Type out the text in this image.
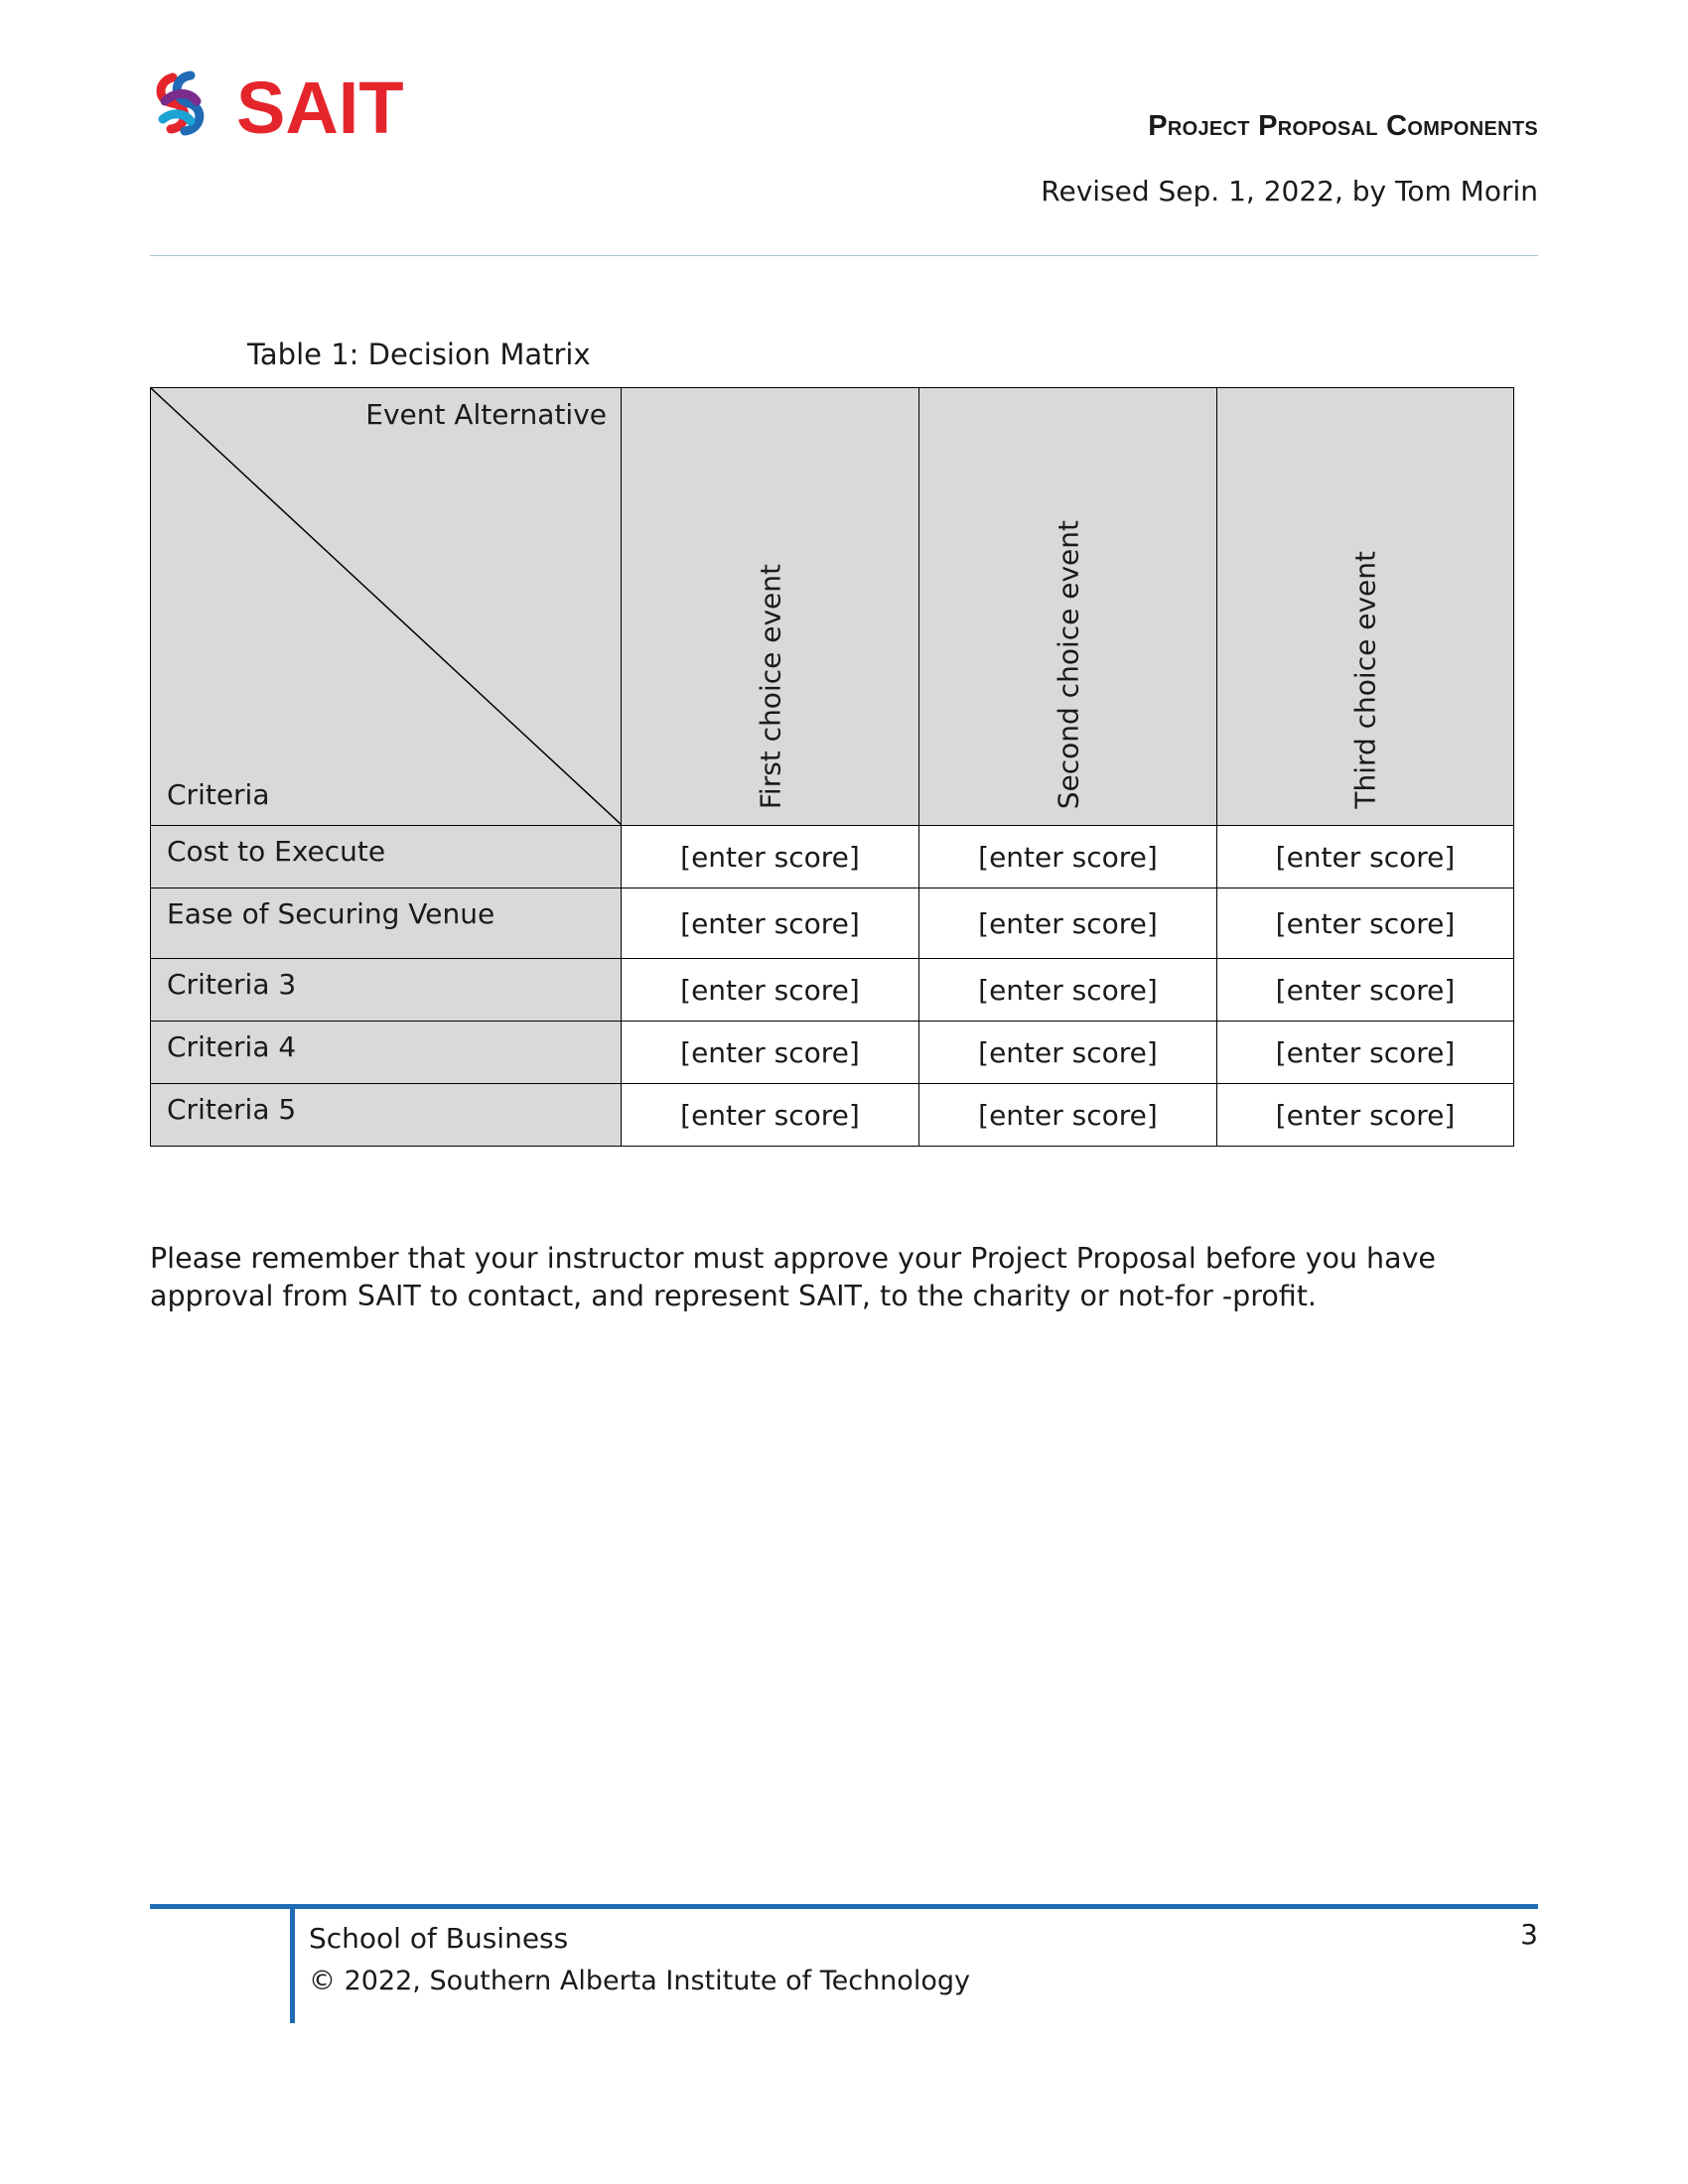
SAIT	Project Proposal Components
Revised Sep. 1, 2022, by Tom Morin
Table 1: Decision Matrix
Event Alternative
Criteria	First choice event	Second choice event	Third choice event

Cost to Execute	[enter score]	[enter score]	[enter score]
Ease of Securing Venue	[enter score]	[enter score]	[enter score]
Criteria 3	[enter score]	[enter score]	[enter score]
Criteria 4	[enter score]	[enter score]	[enter score]
Criteria 5	[enter score]	[enter score]	[enter score]

Please remember that your instructor must approve your Project Proposal before you have approval from SAIT to contact, and represent SAIT, to the charity or not-for -profit.

School of Business
© 2022, Southern Alberta Institute of Technology
3
